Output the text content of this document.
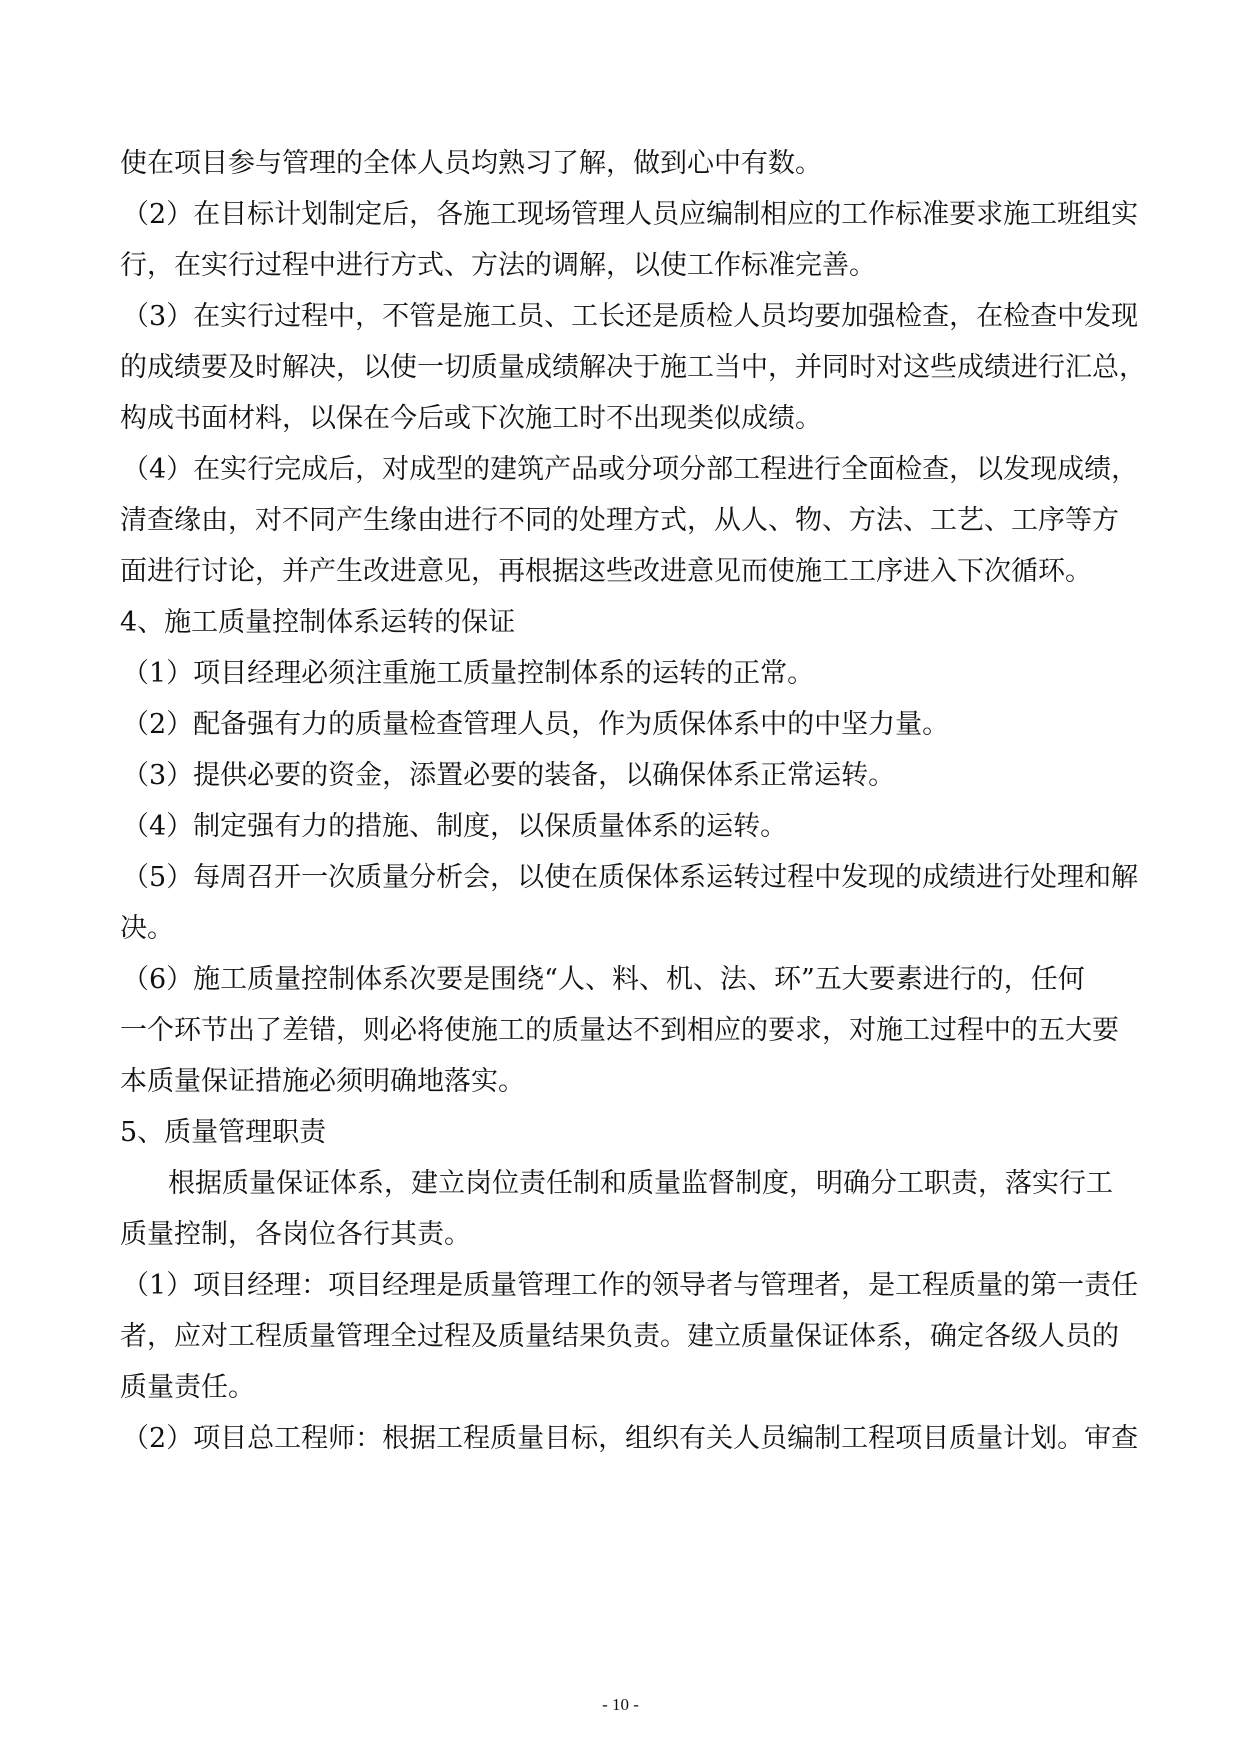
使在项目参与管理的全体人员均熟习了解，做到心中有数。
（2）在目标计划制定后，各施工现场管理人员应编制相应的工作标准要求施工班组实
行，在实行过程中进行方式、方法的调解，以使工作标准完善。
（3）在实行过程中，不管是施工员、工长还是质检人员均要加强检查，在检查中发现
的成绩要及时解决，以使一切质量成绩解决于施工当中，并同时对这些成绩进行汇总，
构成书面材料，以保在今后或下次施工时不出现类似成绩。
（4）在实行完成后，对成型的建筑产品或分项分部工程进行全面检查，以发现成绩，
清查缘由，对不同产生缘由进行不同的处理方式，从人、物、方法、工艺、工序等方
面进行讨论，并产生改进意见，再根据这些改进意见而使施工工序进入下次循环。
4、施工质量控制体系运转的保证
（1）项目经理必须注重施工质量控制体系的运转的正常。
（2）配备强有力的质量检查管理人员，作为质保体系中的中坚力量。
（3）提供必要的资金，添置必要的装备，以确保体系正常运转。
（4）制定强有力的措施、制度，以保质量体系的运转。
（5）每周召开一次质量分析会，以使在质保体系运转过程中发现的成绩进行处理和解
决。
（6）施工质量控制体系次要是围绕“人、料、机、法、环”五大要素进行的，任何
一个环节出了差错，则必将使施工的质量达不到相应的要求，对施工过程中的五大要
本质量保证措施必须明确地落实。
5、质量管理职责
根据质量保证体系，建立岗位责任制和质量监督制度，明确分工职责，落实行工
质量控制，各岗位各行其责。
（1）项目经理：项目经理是质量管理工作的领导者与管理者，是工程质量的第一责任
者，应对工程质量管理全过程及质量结果负责。建立质量保证体系，确定各级人员的
质量责任。
（2）项目总工程师：根据工程质量目标，组织有关人员编制工程项目质量计划。审查
- 10 -
